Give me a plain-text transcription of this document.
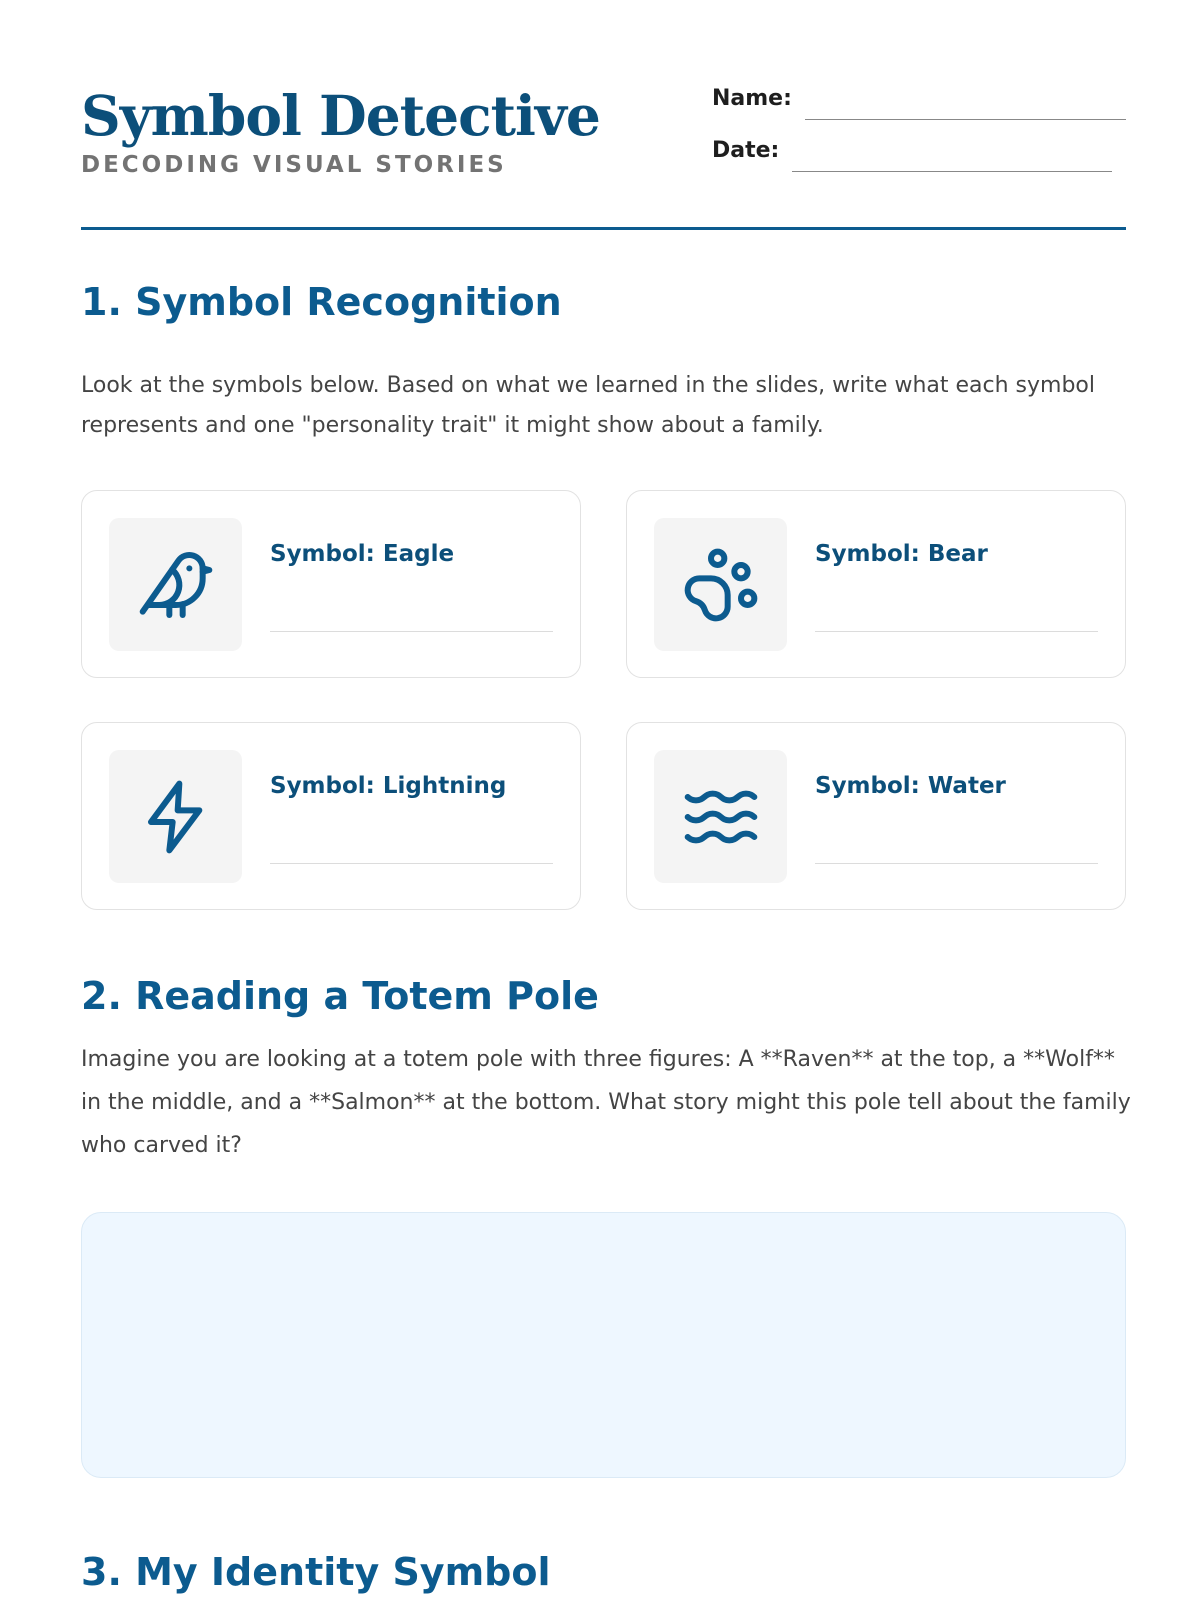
Symbol Detective
DECODING VISUAL STORIES
Name:
Date:
1. Symbol Recognition

Look at the symbols below. Based on what we learned in the slides, write what each symbol represents and one "personality trait" it might show about a family.

Symbol: Eagle	Symbol: Bear
Symbol: Lightning	Symbol: Water
2. Reading a Totem Pole

Imagine you are looking at a totem pole with three figures: A **Raven** at the top, a **Wolf** in the middle, and a **Salmon** at the bottom. What story might this pole tell about the family who carved it?

3. My Identity Symbol
